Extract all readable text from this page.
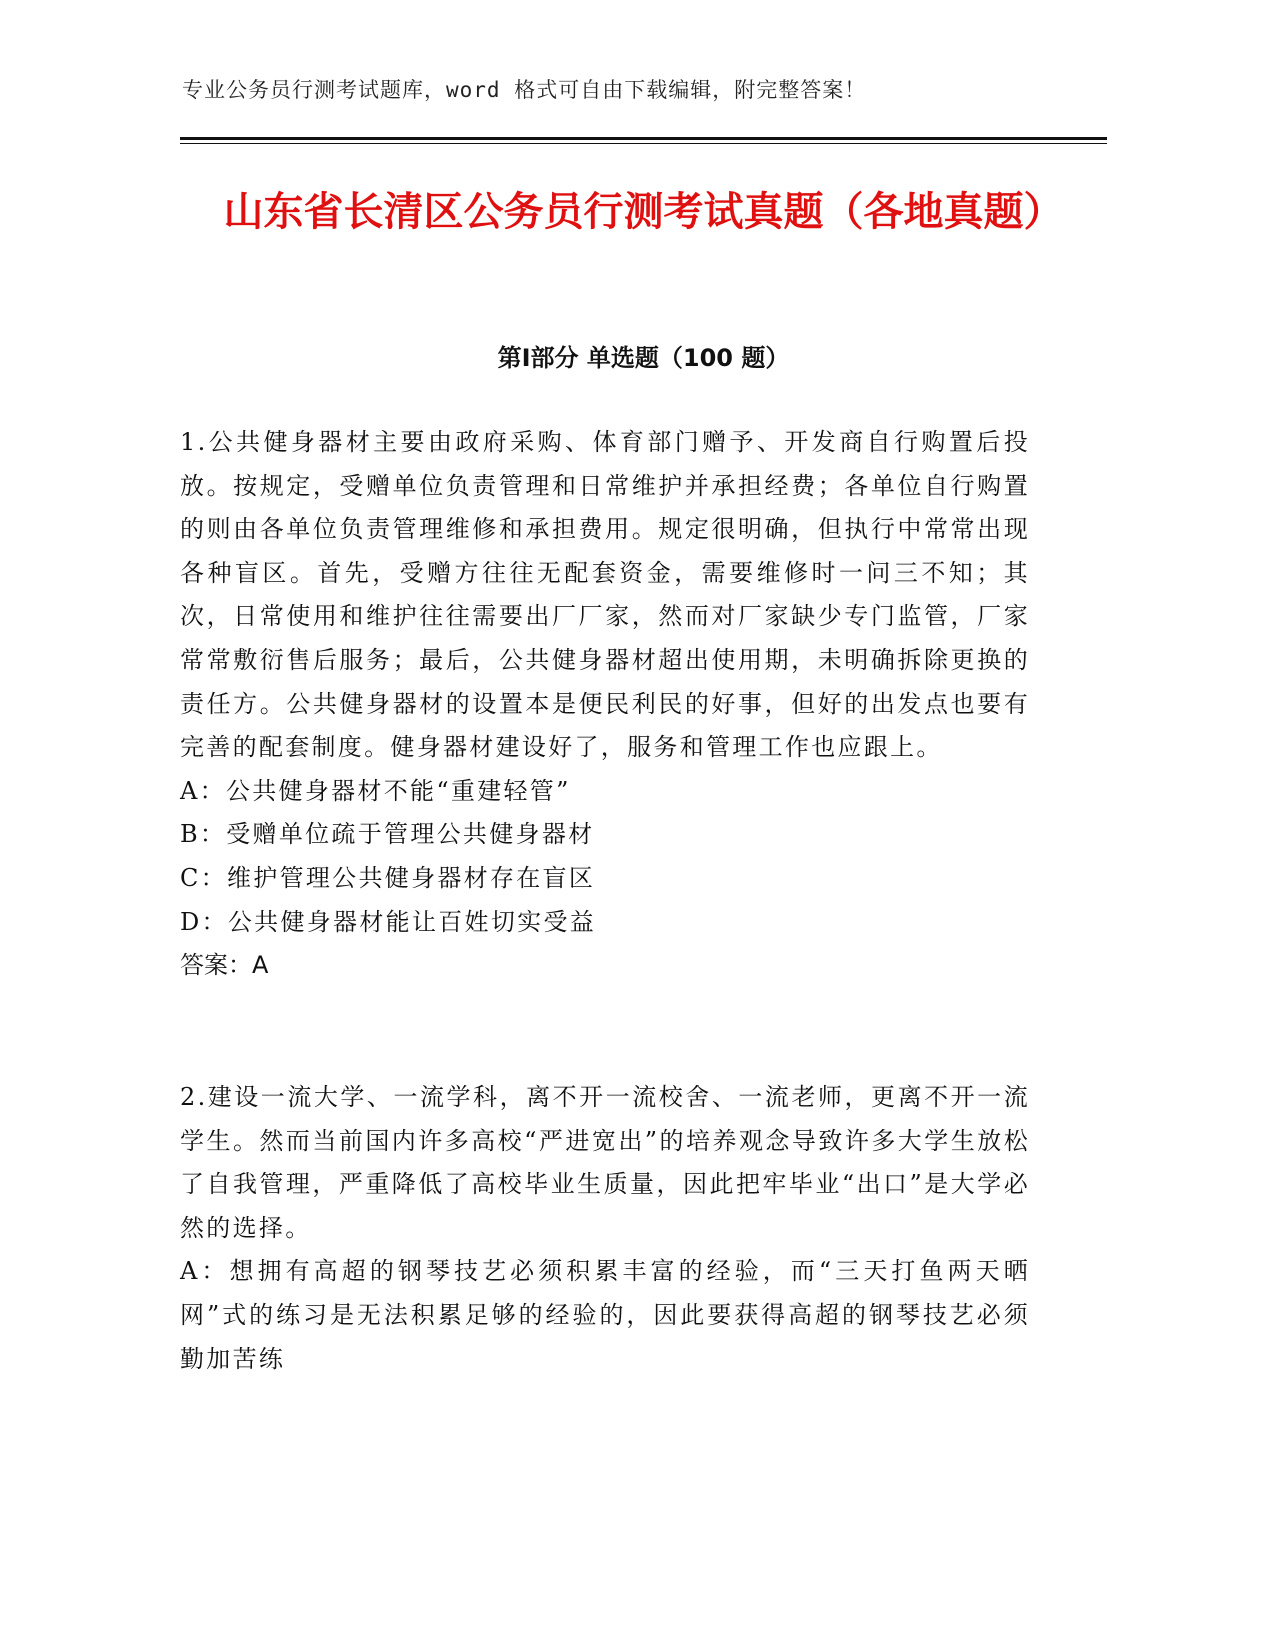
专业公务员行测考试题库，word 格式可自由下载编辑，附完整答案！
山东省长清区公务员行测考试真题（各地真题）
第Ⅰ部分 单选题（100 题）

1.公共健身器材主要由政府采购、体育部门赠予、开发商自行购置后投放。按规定，受赠单位负责管理和日常维护并承担经费；各单位自行购置的则由各单位负责管理维修和承担费用。规定很明确，但执行中常常出现各种盲区。首先，受赠方往往无配套资金，需要维修时一问三不知；其次，日常使用和维护往往需要出厂厂家，然而对厂家缺少专门监管，厂家常常敷衍售后服务；最后，公共健身器材超出使用期，未明确拆除更换的责任方。公共健身器材的设置本是便民利民的好事，但好的出发点也要有完善的配套制度。健身器材建设好了，服务和管理工作也应跟上。

A：公共健身器材不能“重建轻管”

B：受赠单位疏于管理公共健身器材

C：维护管理公共健身器材存在盲区

D：公共健身器材能让百姓切实受益

答案：A

2.建设一流大学、一流学科，离不开一流校舍、一流老师，更离不开一流学生。然而当前国内许多高校“严进宽出”的培养观念导致许多大学生放松了自我管理，严重降低了高校毕业生质量，因此把牢毕业“出口”是大学必然的选择。

A：想拥有高超的钢琴技艺必须积累丰富的经验，而“三天打鱼两天晒网”式的练习是无法积累足够的经验的，因此要获得高超的钢琴技艺必须勤加苦练
